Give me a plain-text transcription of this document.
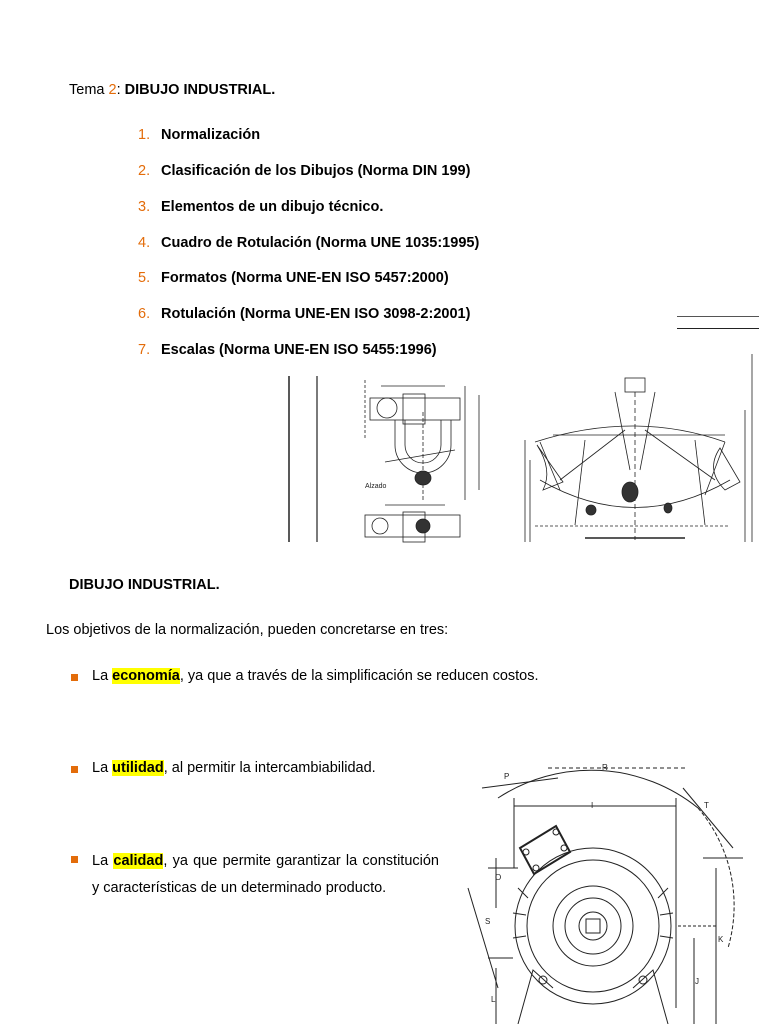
Tema 2: DIBUJO INDUSTRIAL.
1. Normalización
2. Clasificación de los Dibujos (Norma DIN 199)
3. Elementos de un dibujo técnico.
4. Cuadro de Rotulación (Norma UNE 1035:1995)
5. Formatos (Norma UNE-EN ISO 5457:2000)
6. Rotulación (Norma UNE-EN ISO 3098-2:2001)
7. Escalas (Norma UNE-EN ISO 5455:1996)
Alzado
DIBUJO INDUSTRIAL.
Los objetivos de la normalización, pueden concretarse en tres:
La economía, ya que a través de la simplificación se reducen costos.
La utilidad, al permitir la intercambiabilidad.
La calidad, ya que permite garantizar la constitución y características de un determinado producto.
P
R
I	T
O
S
K
J
L
